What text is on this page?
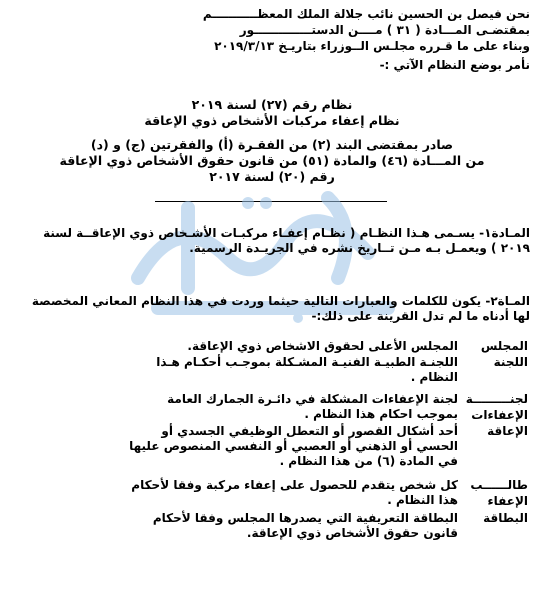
نحن فيصل بن الحسين نائب جلالة الملك المعظـــــــــــم
بمقتضـى المـــادة ( ٣١ ) مــــن الدستــــــــــــــور
وبناء على ما قـرره مجلـس الــوزراء بتاريـخ ٢٠١٩/٣/١٣
نأمر بوضع النظام الآتي :-
نظام رقم (٢٧) لسنة ٢٠١٩
نظام إعفاء مركبات الأشخاص ذوي الإعاقة
صادر بمقتضى البند (٢) من الفقـرة (أ) والفقرتين (ج) و (د)
من المـــادة (٤٦) والمادة (٥١) من قانون حقوق الأشخاص ذوي الإعاقة
رقم (٢٠) لسنة ٢٠١٧
المـادة١- يسـمى هـذا النظـام ( نظـام إعفـاء مركبـات الأشـخاص ذوي الإعاقــة لسنة ٢٠١٩ ) ويعمـل بـه مـن تــاريخ نشره في الجريـدة الرسمية.
المـاة٢- يكون للكلمات والعبارات التالية حيثما وردت في هذا النظام المعاني المخصصة لها أدناه ما لم تدل القرينة على ذلك:-
المجلس
المجلس الأعلى لحقوق الاشخاص ذوي الإعاقة.
اللجنة
اللجنـة الطبيـة الفنيـة المشـكلة بموجـب أحكـام هـذا النظام .
لجنـــــــــة
الإعفاءات
لجنة الإعفاءات المشكلة في دائـرة الجمارك العامة بموجب احكام هذا النظام .
الإعاقة
أحد أشكال القصور أو التعطل الوظيفي الجسدي أو الحسي أو الذهني أو العصبي أو النفسي المنصوص عليها في المادة (٦) من هذا النظام .
طالــــــب
الإعفاء
كل شخص يتقدم للحصول على إعفاء مركبة وفقا لأحكام هذا النظام .
البطاقة
البطاقة التعريفية التي يصدرها المجلس وفقا لأحكام قانون حقوق الأشخاص ذوي الإعاقة.
